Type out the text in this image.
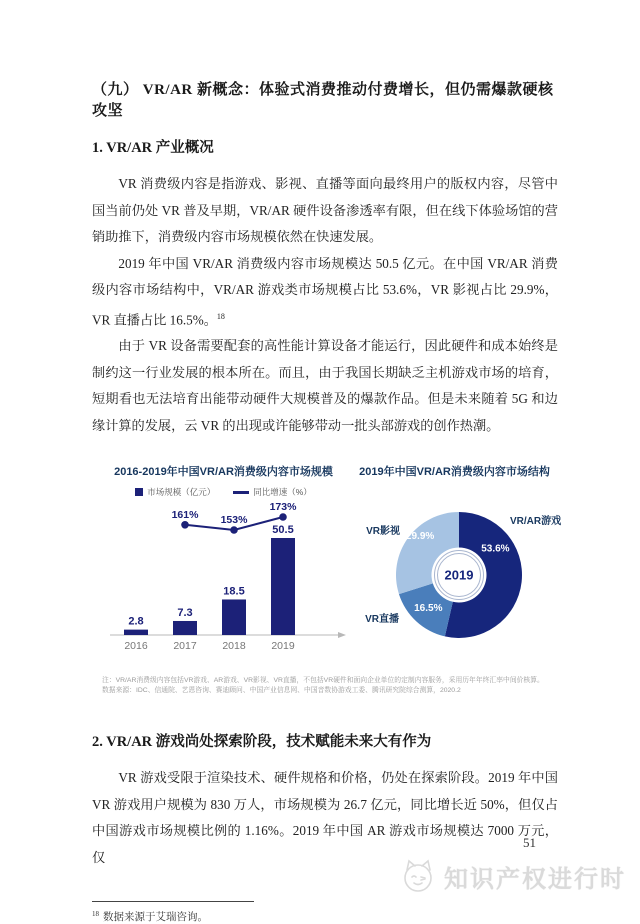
（九） VR/AR 新概念：体验式消费推动付费增长，但仍需爆款硬核攻坚
1. VR/AR 产业概况

VR 消费级内容是指游戏、影视、直播等面向最终用户的版权内容，尽管中国当前仍处 VR 普及早期，VR/AR 硬件设备渗透率有限，但在线下体验场馆的营销助推下，消费级内容市场规模依然在快速发展。

2019 年中国 VR/AR 消费级内容市场规模达 50.5 亿元。在中国 VR/AR 消费级内容市场结构中，VR/AR 游戏类市场规模占比 53.6%，VR 影视占比 29.9%，VR 直播占比 16.5%。$^{18}$

由于 VR 设备需要配套的高性能计算设备才能运行，因此硬件和成本始终是制约这一行业发展的根本所在。而且，由于我国长期缺乏主机游戏市场的培育，短期看也无法培育出能带动硬件大规模普及的爆款作品。但是未来随着 5G 和边缘计算的发展，云 VR 的出现或许能够带动一批头部游戏的创作热潮。

2016-2019年中国VR/AR消费级内容市场规模
市场规模（亿元）	同比增速（%）
2.8
2016
7.3
2017
18.5
2018
50.5
2019
161% 153%
173%
2019年中国VR/AR消费级内容市场结构
53.6%
VR/AR游戏
16.5%
VR直播
29.9%
VR影视
2019
注：VR/AR消费级内容包括VR游戏、AR游戏、VR影视、VR直播，不包括VR硬件和面向企业单位的定制内容服务，采用历年年终汇率中间价核算。
数据来源：IDC、信通院、艺恩咨询、赛迪顾问、中国产业信息网、中国音数协游戏工委、腾讯研究院综合测算，2020.2
2. VR/AR 游戏尚处探索阶段，技术赋能未来大有作为

VR 游戏受限于渲染技术、硬件规格和价格，仍处在探索阶段。2019 年中国 VR 游戏用户规模为 830 万人，市场规模为 26.7 亿元，同比增长近 50%，但仅占中国游戏市场规模比例的 1.16%。2019 年中国 AR 游戏市场规模达 7000 万元，仅

$^{18}$ 数据来源于艾瑞咨询。
51
知识产权进行时
